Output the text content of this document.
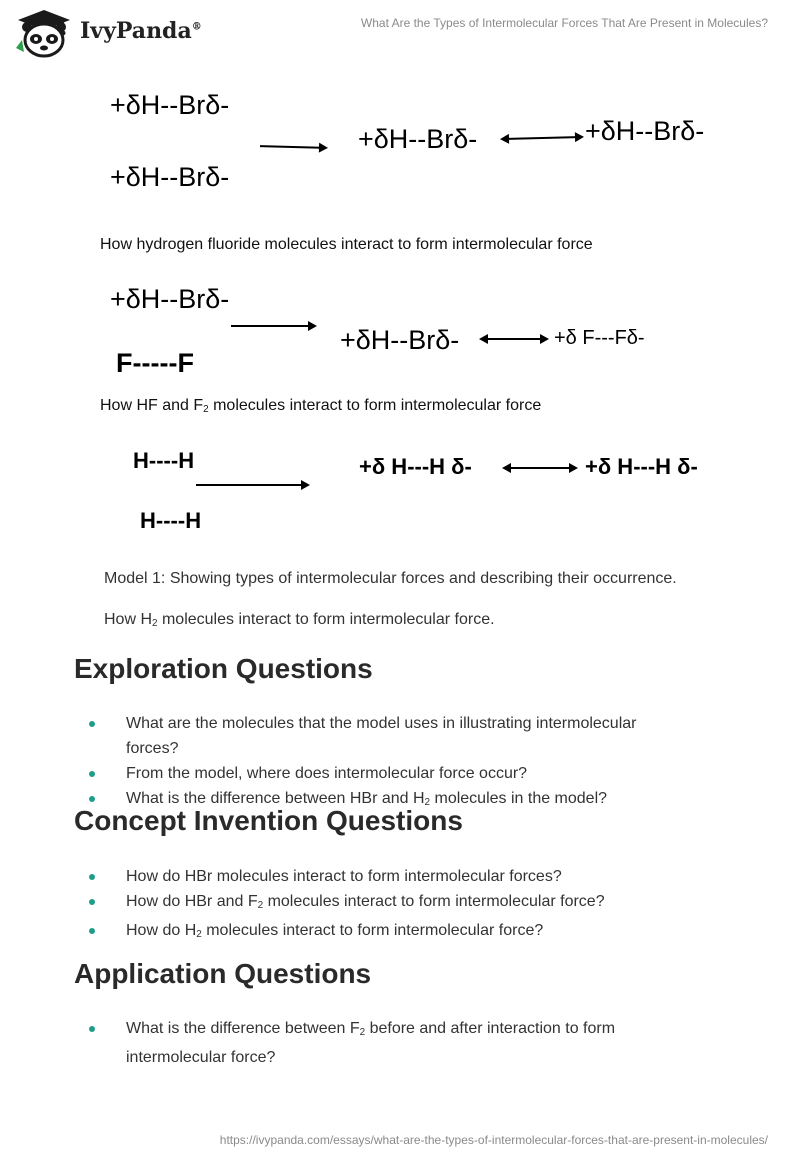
IvyPanda®	What Are the Types of Intermolecular Forces That Are Present in Molecules?
+δH--Brδ-
+δH--Brδ-
+δH--Brδ-	+δH--Brδ-
How hydrogen fluoride molecules interact to form intermolecular force
+δH--Brδ-
F-----F
+δH--Brδ-	+δ F---Fδ-
How HF and $F_2$ molecules interact to form intermolecular force
H----H
H----H
+δ H---H δ-	+δ H---H δ-
Model 1: Showing types of intermolecular forces and describing their occurrence.
How $H_2$ molecules interact to form intermolecular force.
Exploration Questions
What are the molecules that the model uses in illustrating intermolecular forces?
From the model, where does intermolecular force occur?
What is the difference between HBr and $H_2$ molecules in the model?
Concept Invention Questions
How do HBr molecules interact to form intermolecular forces?
How do HBr and $F_2$ molecules interact to form intermolecular force?
How do $H_2$ molecules interact to form intermolecular force?
Application Questions
What is the difference between $F_2$ before and after interaction to form intermolecular force?
https://ivypanda.com/essays/what-are-the-types-of-intermolecular-forces-that-are-present-in-molecules/
